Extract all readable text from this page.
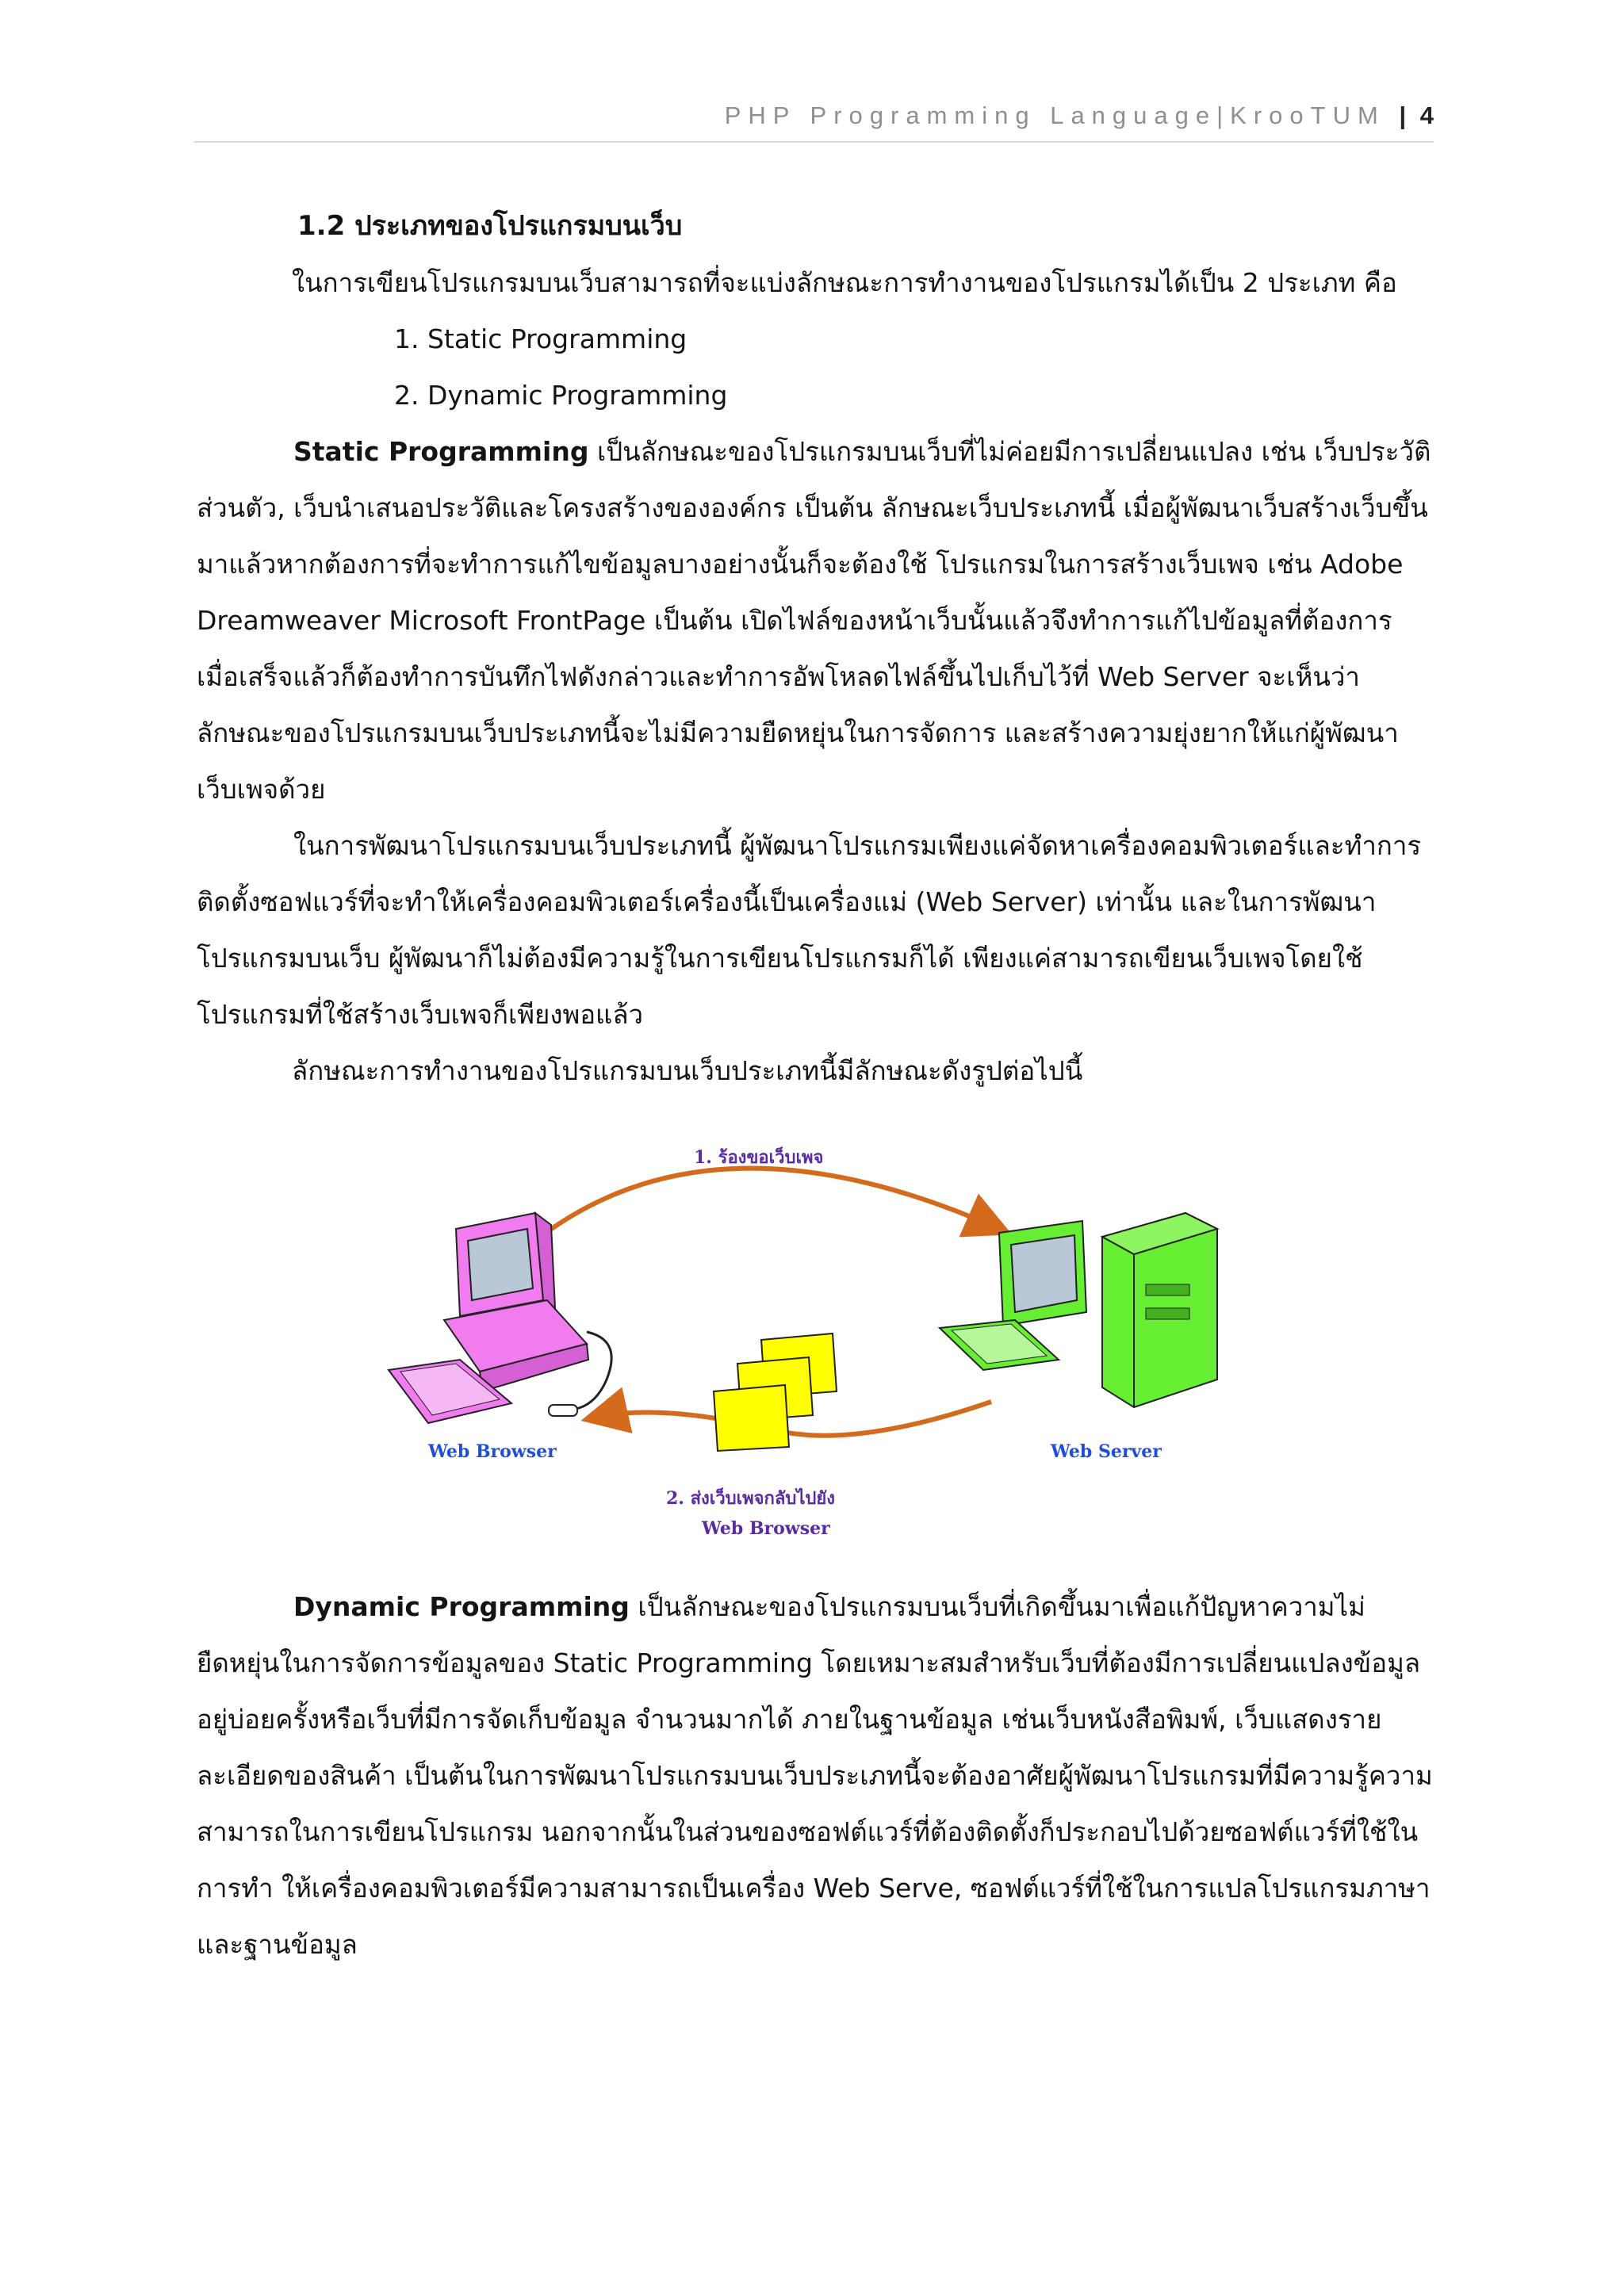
PHP Programming Language|KrooTUM | 4

1.2 ประเภทของโปรแกรมบนเว็บ

ในการเขียนโปรแกรมบนเว็บสามารถที่จะแบ่งลักษณะการทำงานของโปรแกรมได้เป็น 2 ประเภท คือ

1. Static Programming

2. Dynamic Programming

Static Programming เป็นลักษณะของโปรแกรมบนเว็บที่ไม่ค่อยมีการเปลี่ยนแปลง เช่น เว็บประวัติส่วนตัว, เว็บนำเสนอประวัติและโครงสร้างขององค์กร เป็นต้น ลักษณะเว็บประเภทนี้ เมื่อผู้พัฒนาเว็บสร้างเว็บขึ้นมาแล้วหากต้องการที่จะทำการแก้ไขข้อมูลบางอย่างนั้นก็จะต้องใช้ โปรแกรมในการสร้างเว็บเพจ เช่น Adobe Dreamweaver Microsoft FrontPage เป็นต้น เปิดไฟล์ของหน้าเว็บนั้นแล้วจึงทำการแก้ไปข้อมูลที่ต้องการ เมื่อเสร็จแล้วก็ต้องทำการบันทึกไฟดังกล่าวและทำการอัพโหลดไฟล์ขึ้นไปเก็บไว้ที่ Web Server จะเห็นว่าลักษณะของโปรแกรมบนเว็บประเภทนี้จะไม่มีความยืดหยุ่นในการจัดการ และสร้างความยุ่งยากให้แก่ผู้พัฒนาเว็บเพจด้วย

ในการพัฒนาโปรแกรมบนเว็บประเภทนี้ ผู้พัฒนาโปรแกรมเพียงแค่จัดหาเครื่องคอมพิวเตอร์และทำการติดตั้งซอฟแวร์ที่จะทำให้เครื่องคอมพิวเตอร์เครื่องนี้เป็นเครื่องแม่ (Web Server) เท่านั้น และในการพัฒนาโปรแกรมบนเว็บ ผู้พัฒนาก็ไม่ต้องมีความรู้ในการเขียนโปรแกรมก็ได้ เพียงแค่สามารถเขียนเว็บเพจโดยใช้โปรแกรมที่ใช้สร้างเว็บเพจก็เพียงพอแล้ว

ลักษณะการทำงานของโปรแกรมบนเว็บประเภทนี้มีลักษณะดังรูปต่อไปนี้

1. ร้องขอเว็บเพจ
Web Browser	Web Server
2. ส่งเว็บเพจกลับไปยัง
Web Browser

Dynamic Programming เป็นลักษณะของโปรแกรมบนเว็บที่เกิดขึ้นมาเพื่อแก้ปัญหาความไม่ยืดหยุ่นในการจัดการข้อมูลของ Static Programming โดยเหมาะสมสำหรับเว็บที่ต้องมีการเปลี่ยนแปลงข้อมูลอยู่บ่อยครั้งหรือเว็บที่มีการจัดเก็บข้อมูล จำนวนมากได้ ภายในฐานข้อมูล เช่นเว็บหนังสือพิมพ์, เว็บแสดงรายละเอียดของสินค้า เป็นต้นในการพัฒนาโปรแกรมบนเว็บประเภทนี้จะต้องอาศัยผู้พัฒนาโปรแกรมที่มีความรู้ความสามารถในการเขียนโปรแกรม นอกจากนั้นในส่วนของซอฟต์แวร์ที่ต้องติดตั้งก็ประกอบไปด้วยซอฟต์แวร์ที่ใช้ในการทำ ให้เครื่องคอมพิวเตอร์มีความสามารถเป็นเครื่อง Web Serve, ซอฟต์แวร์ที่ใช้ในการแปลโปรแกรมภาษาและฐานข้อมูล
